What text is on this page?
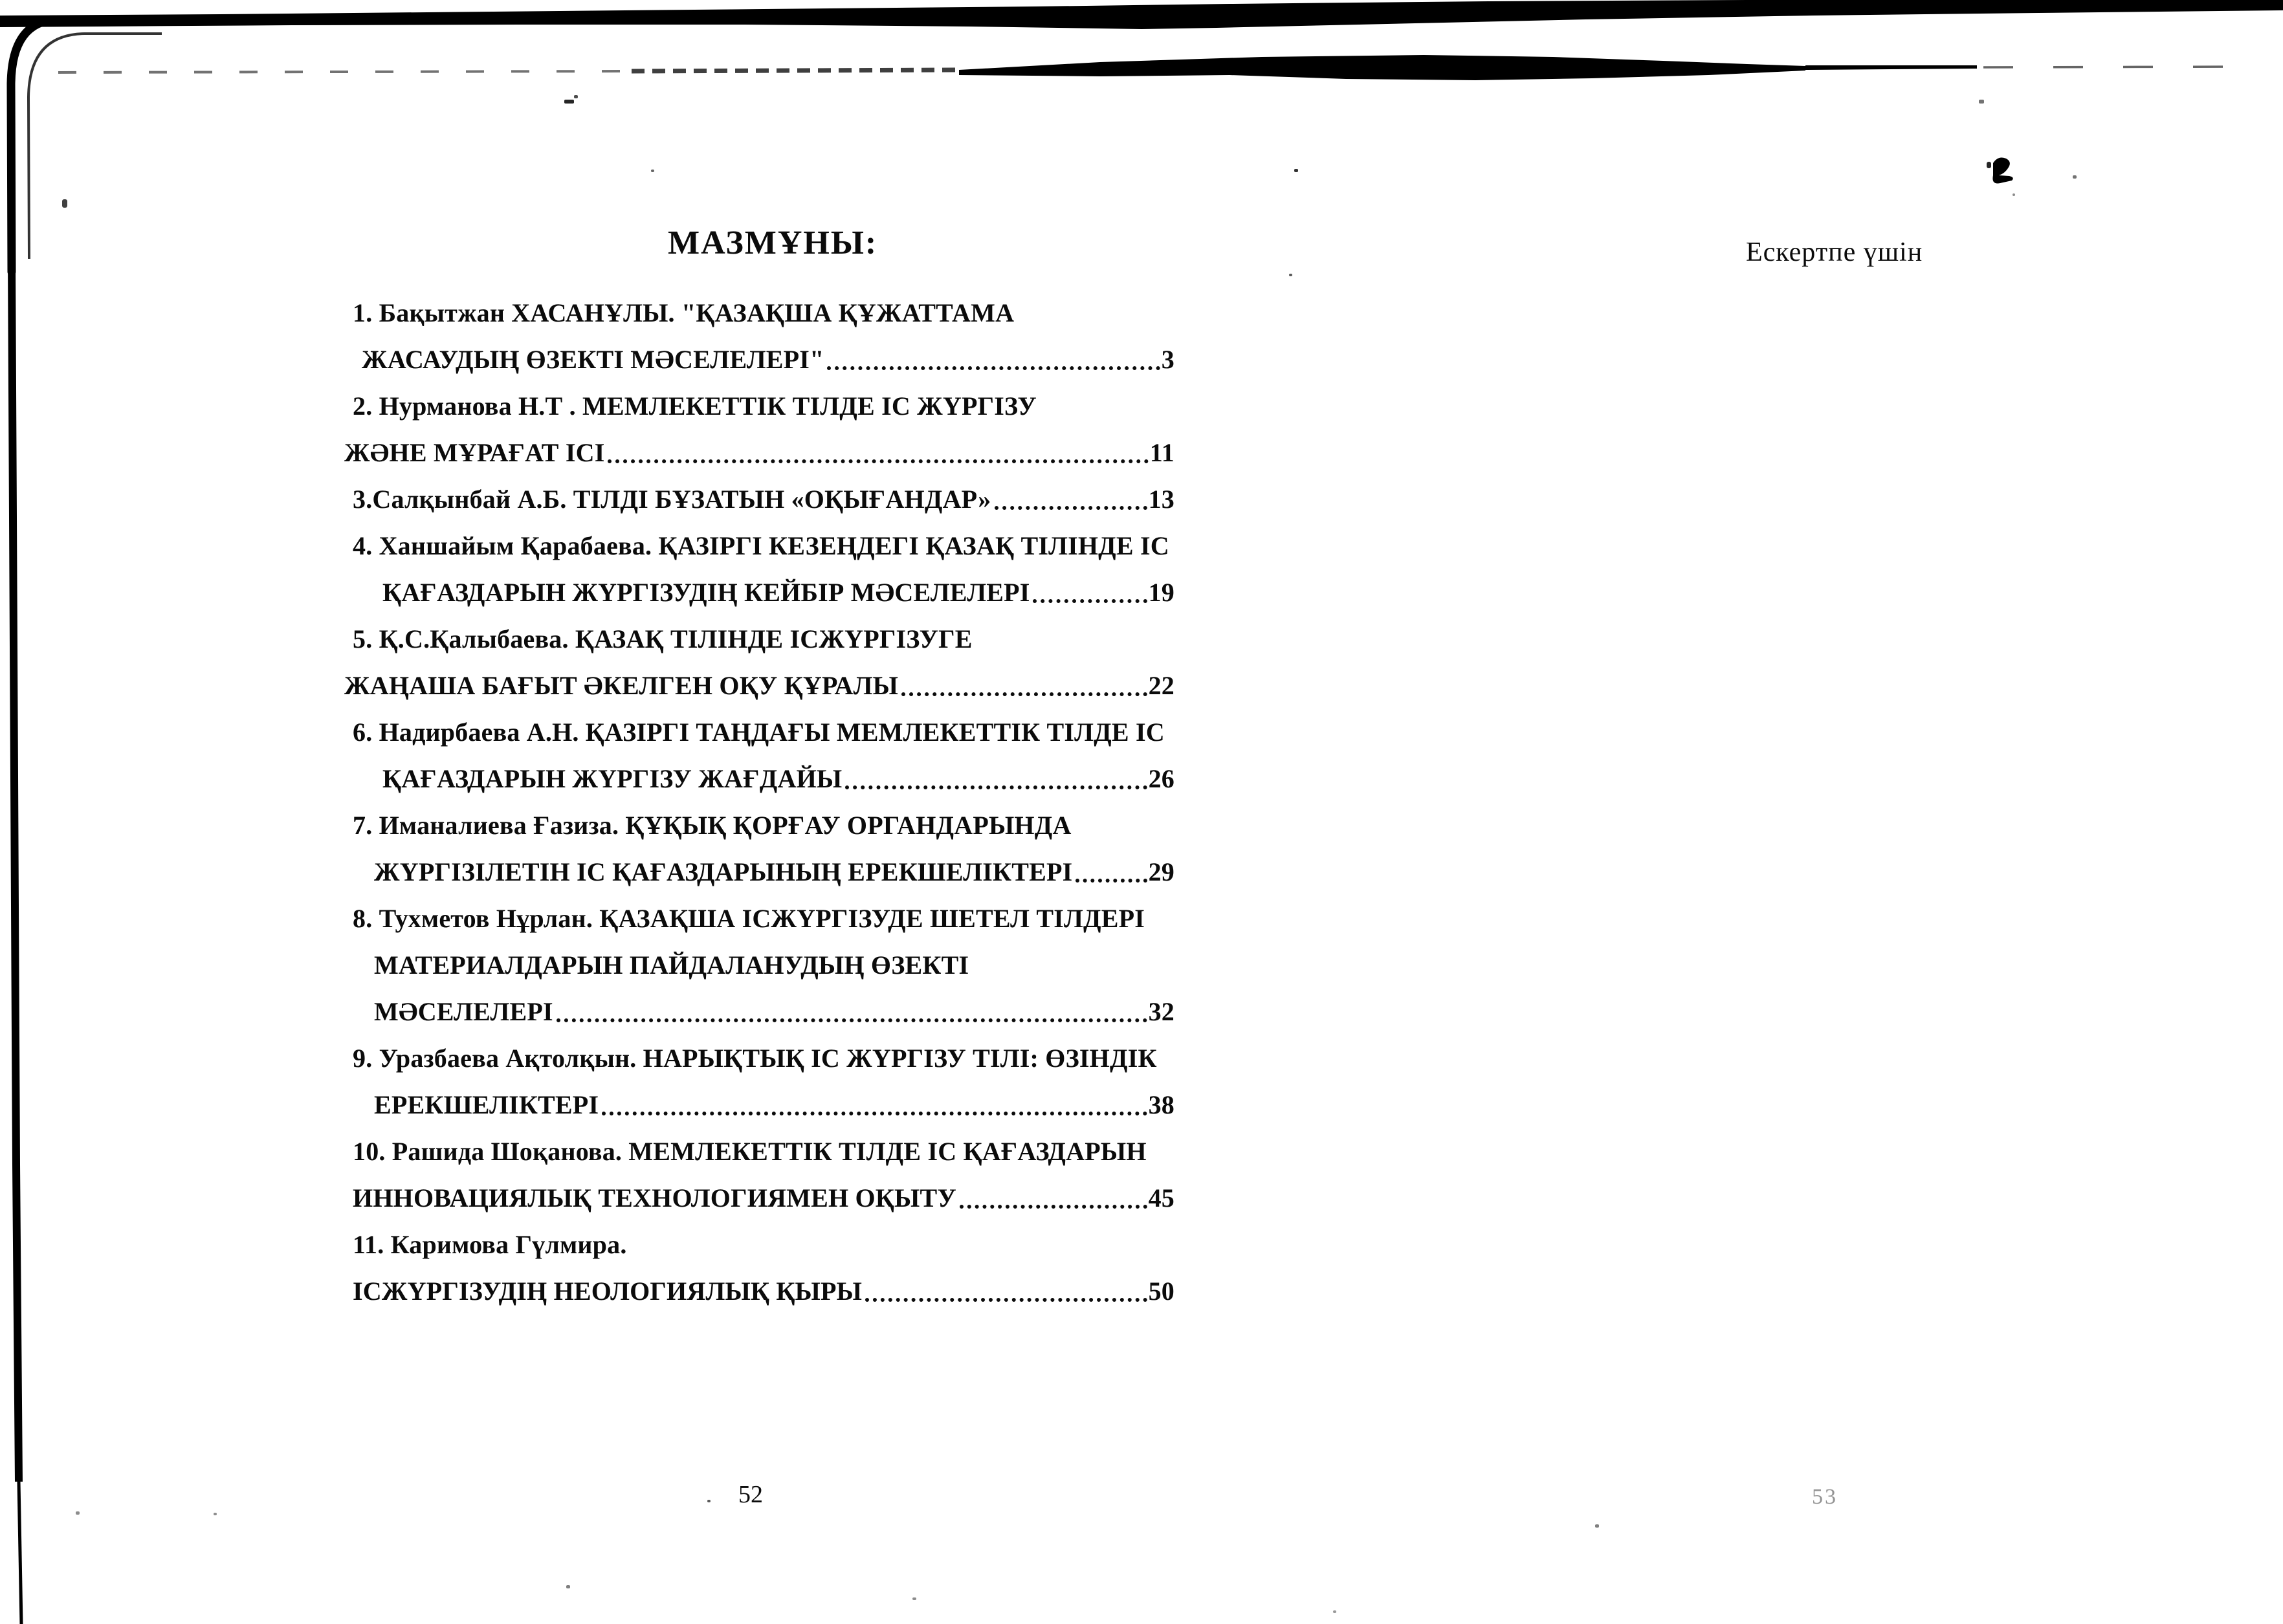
МАЗМҰНЫ:
1. Бақытжан ХАСАНҰЛЫ. "ҚАЗАҚША ҚҰЖАТТАМА
ЖАСАУДЫҢ ӨЗЕКТІ МӘСЕЛЕЛЕРІ"	3
2. Нурманова Н.Т . МЕМЛЕКЕТТІК ТІЛДЕ ІС ЖҮРГІЗУ
ЖӘНЕ МҰРАҒАТ ІСІ	11
3.Салқынбай А.Б. ТІЛДІ БҰЗАТЫН «ОҚЫҒАНДАР»	13
4. Ханшайым Қарабаева. ҚАЗІРГІ КЕЗЕҢДЕГІ ҚАЗАҚ ТІЛІНДЕ ІС
ҚАҒАЗДАРЫН ЖҮРГІЗУДІҢ КЕЙБІР МӘСЕЛЕЛЕРІ	19
5. Қ.С.Қалыбаева. ҚАЗАҚ ТІЛІНДЕ ІСЖҮРГІЗУГЕ
ЖАҢАША БАҒЫТ ӘКЕЛГЕН ОҚУ ҚҰРАЛЫ	22
6. Надирбаева А.Н. ҚАЗІРГІ ТАҢДАҒЫ МЕМЛЕКЕТТІК ТІЛДЕ ІС
ҚАҒАЗДАРЫН ЖҮРГІЗУ ЖАҒДАЙЫ	26
7. Иманалиева Ғазиза. ҚҰҚЫҚ ҚОРҒАУ ОРГАНДАРЫНДА
ЖҮРГІЗІЛЕТІН ІС ҚАҒАЗДАРЫНЫҢ ЕРЕКШЕЛІКТЕРІ	29
8. Тухметов Нұрлан. ҚАЗАҚША ІСЖҮРГІЗУДЕ ШЕТЕЛ ТІЛДЕРІ
МАТЕРИАЛДАРЫН ПАЙДАЛАНУДЫҢ ӨЗЕКТІ
МӘСЕЛЕЛЕРІ	32
9. Уразбаева Ақтолқын. НАРЫҚТЫҚ ІС ЖҮРГІЗУ ТІЛІ: ӨЗІНДІК
ЕРЕКШЕЛІКТЕРІ	38
10. Рашида Шоқанова. МЕМЛЕКЕТТІК ТІЛДЕ ІС ҚАҒАЗДАРЫН
ИННОВАЦИЯЛЫҚ ТЕХНОЛОГИЯМЕН ОҚЫТУ	45
11. Каримова Гүлмира.
ІСЖҮРГІЗУДІҢ НЕОЛОГИЯЛЫҚ ҚЫРЫ	50
52
Ескертпе үшін
53
